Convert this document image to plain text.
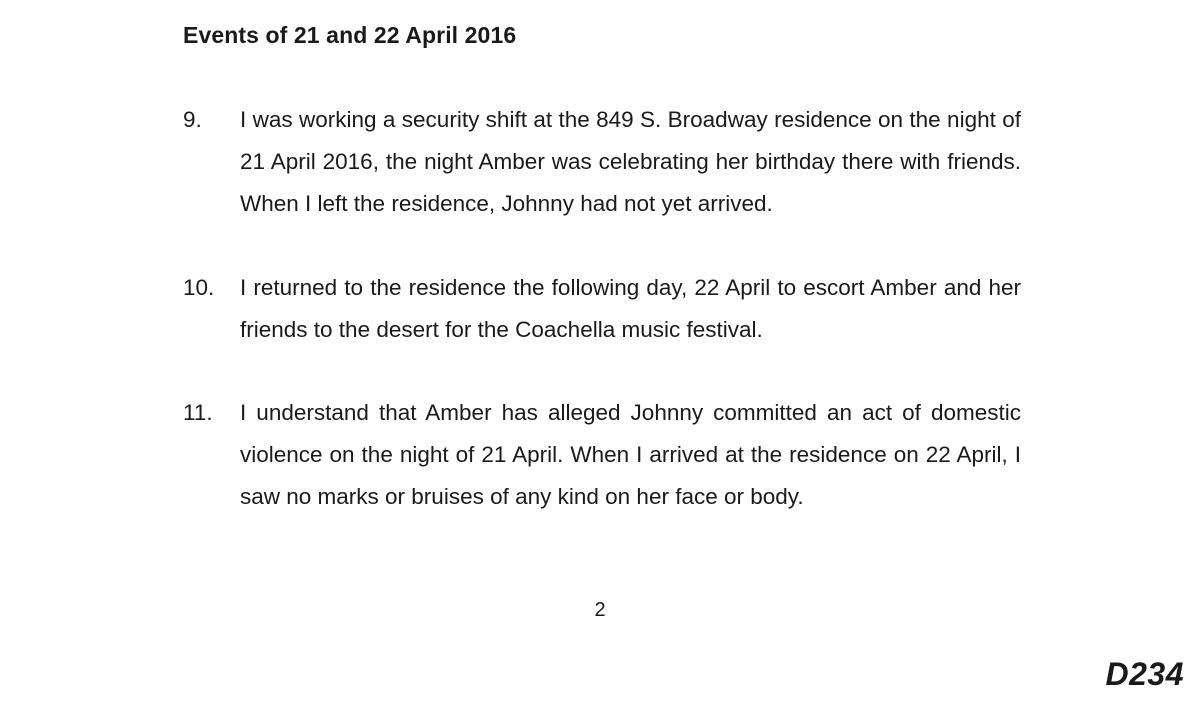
Events of 21 and 22 April 2016
9. I was working a security shift at the 849 S. Broadway residence on the night of 21 April 2016, the night Amber was celebrating her birthday there with friends. When I left the residence, Johnny had not yet arrived.
10. I returned to the residence the following day, 22 April to escort Amber and her friends to the desert for the Coachella music festival.
11. I understand that Amber has alleged Johnny committed an act of domestic violence on the night of 21 April. When I arrived at the residence on 22 April, I saw no marks or bruises of any kind on her face or body.
2
D234
